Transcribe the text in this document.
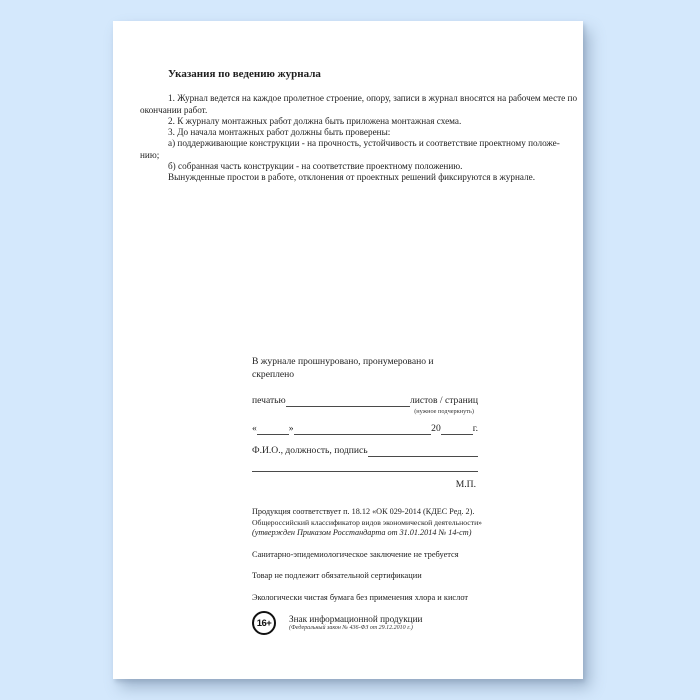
Указания по ведению журнала
1. Журнал ведется на каждое пролетное строение, опору, записи в журнал вносятся на рабочем месте по
окончании работ.
2. К журналу монтажных работ должна быть приложена монтажная схема.
3. До начала монтажных работ должны быть проверены:
а) поддерживающие конструкции - на прочность, устойчивость и соответствие проектному положе-
нию;
б) собранная часть конструкции - на соответствие проектному положению.
Вынужденные простои в работе, отклонения от проектных решений фиксируются в журнале.
В журнале прошнуровано, пронумеровано и скреплено
печатью	листов / страниц
(нужное подчеркнуть)
«	»	20	г.
Ф.И.О., должность, подпись
М.П.
Продукция соответствует п. 18.12 «ОК 029-2014 (КДЕС Ред. 2).
Общероссийский классификатор видов экономической деятельности»
(утвержден Приказом Росстандарта от 31.01.2014 № 14-ст)
Санитарно-эпидемиологическое заключение не требуется
Товар не подлежит обязательной сертификации
Экологически чистая бумага без применения хлора и кислот
16+	Знак информационной продукции
(Федеральный закон № 436-ФЗ от 29.12.2010 г.)
